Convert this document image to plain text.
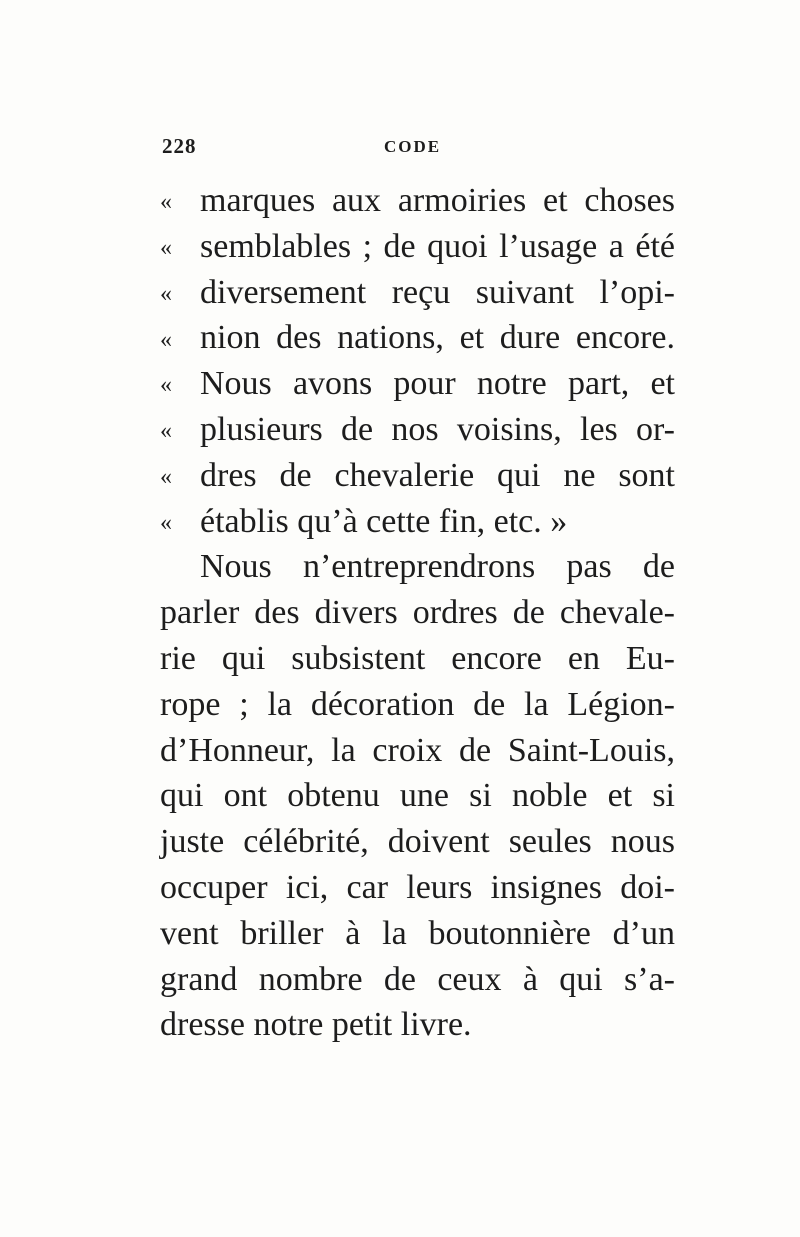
228	CODE
« marques aux armoiries et choses
« semblables ; de quoi l’usage a été
« diversement reçu suivant l’opi-
« nion des nations, et dure encore.
« Nous avons pour notre part, et
« plusieurs de nos voisins, les or-
« dres de chevalerie qui ne sont
« établis qu’à cette fin, etc. »
Nous n’entreprendrons pas de
parler des divers ordres de chevale-
rie qui subsistent encore en Eu-
rope ; la décoration de la Légion-
d’Honneur, la croix de Saint-Louis,
qui ont obtenu une si noble et si
juste célébrité, doivent seules nous
occuper ici, car leurs insignes doi-
vent briller à la boutonnière d’un
grand nombre de ceux à qui s’a-
dresse notre petit livre.
